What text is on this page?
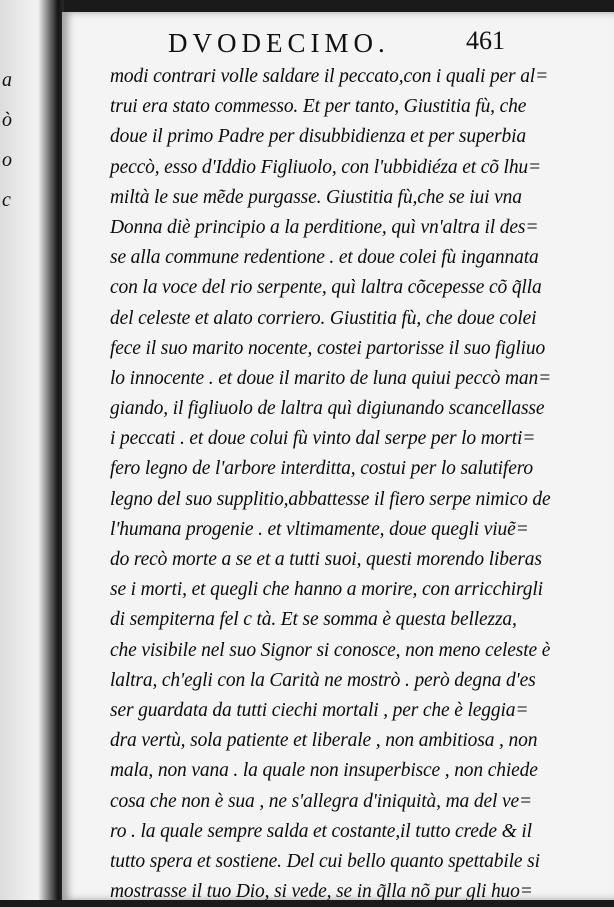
a
ò
o
c
DVODECIMO.	461
modi contrari volle saldare il peccato,con i quali per al=
trui era stato commesso. Et per tanto, Giustitia fù, che
doue il primo Padre per disubbidienza et per superbia
peccò, esso d'Iddio Figliuolo, con l'ubbidiéza et cõ lhu=
miltà le sue mẽde purgasse. Giustitia fù,che se iui vna
Donna diè principio a la perditione, quì vn'altra il des=
se alla commune redentione . et doue colei fù ingannata
con la voce del rio serpente, quì laltra cõcepesse cõ q̃lla
del celeste et alato corriero. Giustitia fù, che doue colei
fece il suo marito nocente, costei partorisse il suo figliuo
lo innocente . et doue il marito de luna quiui peccò man=
giando, il figliuolo de laltra quì digiunando scancellasse
i peccati . et doue colui fù vinto dal serpe per lo morti=
fero legno de l'arbore interditta, costui per lo salutifero
legno del suo supplitio,abbattesse il fiero serpe nimico de
l'humana progenie . et vltimamente, doue quegli viuẽ=
do recò morte a se et a tutti suoi, questi morendo liberas
se i morti, et quegli che hanno a morire, con arricchirgli
di sempiterna fel c tà. Et se somma è questa bellezza,
che visibile nel suo Signor si conosce, non meno celeste è
laltra, ch'egli con la Carità ne mostrò . però degna d'es
ser guardata da tutti ciechi mortali , per che è leggia=
dra vertù, sola patiente et liberale , non ambitiosa , non
mala, non vana . la quale non insuperbisce , non chiede
cosa che non è sua , ne s'allegra d'iniquità, ma del ve=
ro . la quale sempre salda et costante,il tutto crede & il
tutto spera et sostiene. Del cui bello quanto spettabile si
mostrasse il tuo Dio, si vede, se in q̃lla nõ pur gli huo=
